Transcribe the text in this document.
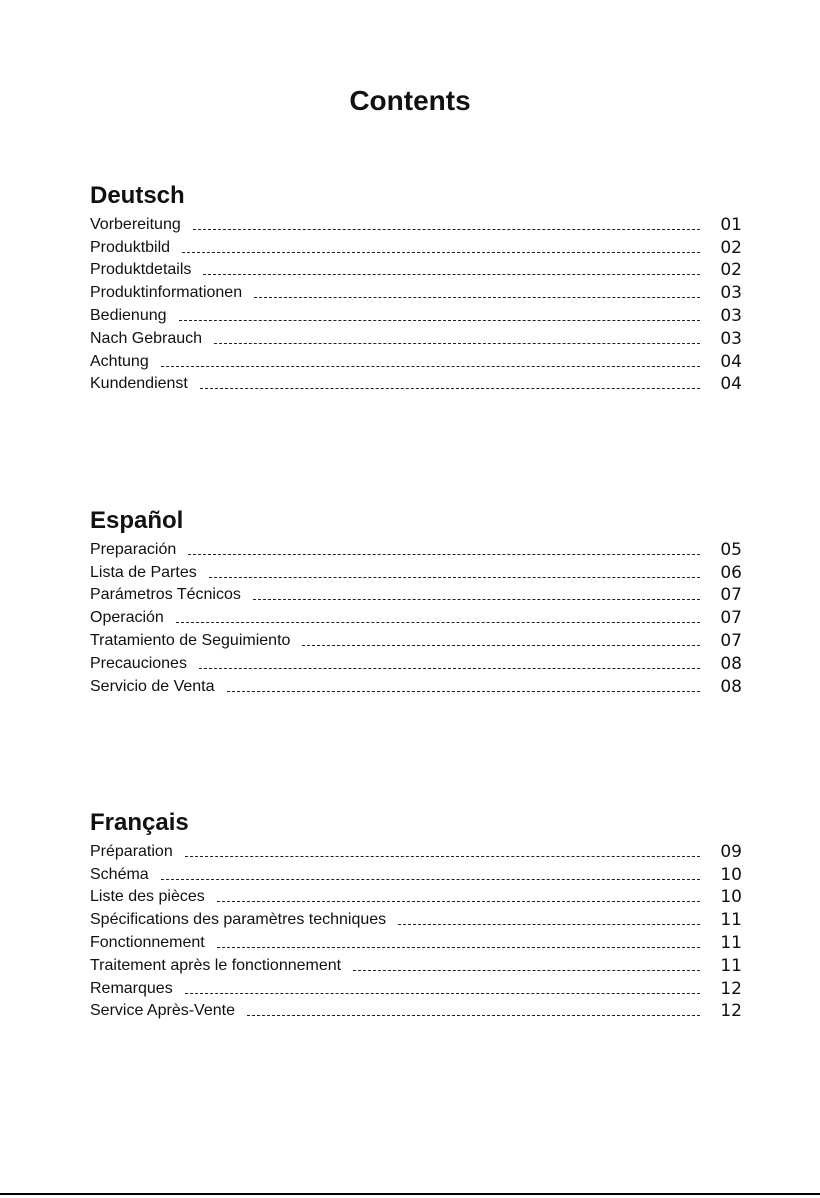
Contents
Deutsch
Vorbereitung	01
Produktbild	02
Produktdetails	02
Produktinformationen	03
Bedienung	03
Nach Gebrauch	03
Achtung	04
Kundendienst	04
Español
Preparación	05
Lista de Partes	06
Parámetros Técnicos	07
Operación	07
Tratamiento de Seguimiento	07
Precauciones	08
Servicio de Venta	08
Français
Préparation	09
Schéma	10
Liste des pièces	10
Spécifications des paramètres techniques	11
Fonctionnement	11
Traitement après le fonctionnement	11
Remarques	12
Service Après-Vente	12
